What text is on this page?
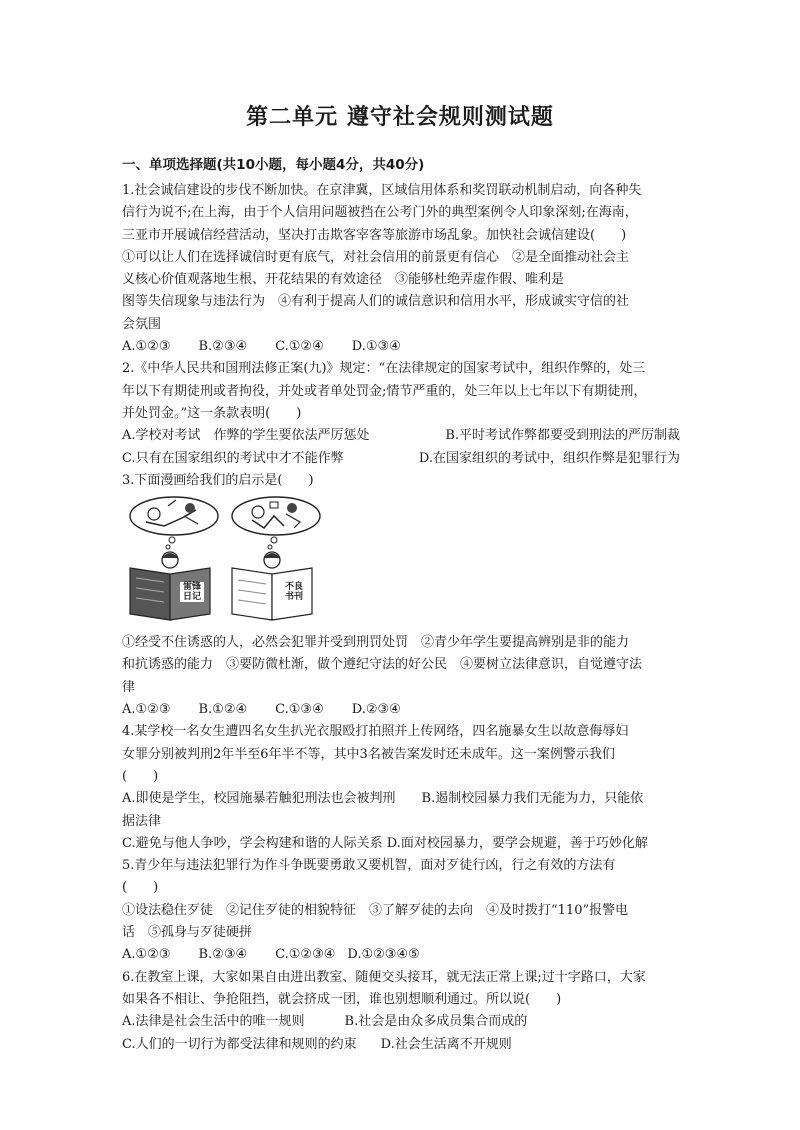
第二单元 遵守社会规则测试题
一、单项选择题(共10小题，每小题4分，共40分)

1.社会诚信建设的步伐不断加快。在京津冀，区域信用体系和奖罚联动机制启动，向各种失

信行为说不;在上海，由于个人信用问题被挡在公考门外的典型案例令人印象深刻;在海南，

三亚市开展诚信经营活动，坚决打击欺客宰客等旅游市场乱象。加快社会诚信建设(　　)

①可以让人们在选择诚信时更有底气，对社会信用的前景更有信心　②是全面推动社会主

义核心价值观落地生根、开花结果的有效途径　③能够杜绝弄虚作假、唯利是

图等失信现象与违法行为　④有利于提高人们的诚信意识和信用水平，形成诚实守信的社

会氛围

A.①②③ B.②③④ C.①②④ D.①③④

2.《中华人民共和国刑法修正案(九)》规定：“在法律规定的国家考试中，组织作弊的，处三

年以下有期徒刑或者拘役，并处或者单处罚金;情节严重的，处三年以上七年以下有期徒刑，

并处罚金。”这一条款表明(　　)

A.学校对考试　作弊的学生要依法严厉惩处	B.平时考试作弊都要受到刑法的严厉制裁
C.只有在国家组织的考试中才不能作弊	D.在国家组织的考试中，组织作弊是犯罪行为

3.下面漫画给我们的启示是(　　)

雷锋日记
不良书刊

①经受不住诱惑的人，必然会犯罪并受到刑罚处罚　②青少年学生要提高辨别是非的能力

和抗诱惑的能力　③要防微杜渐，做个遵纪守法的好公民　④要树立法律意识，自觉遵守法

律

A.①②③ B.①②④ C.①③④ D.②③④

4.某学校一名女生遭四名女生扒光衣服殴打拍照并上传网络，四名施暴女生以故意侮辱妇

女罪分别被判刑2年半至6年半不等，其中3名被告案发时还未成年。这一案例警示我们

(　　)

A.即使是学生，校园施暴若触犯刑法也会被判刑　　B.遏制校园暴力我们无能为力，只能依

据法律

C.避免与他人争吵，学会构建和谐的人际关系 D.面对校园暴力，要学会规避，善于巧妙化解

5.青少年与违法犯罪行为作斗争既要勇敢又要机智，面对歹徒行凶，行之有效的方法有

(　　)

①设法稳住歹徒　②记住歹徒的相貌特征　③了解歹徒的去向　④及时拨打“110”报警电

话　⑤孤身与歹徒硬拼

A.①②③ B.②③④ C.①②③④ D.①②③④⑤

6.在教室上课，大家如果自由进出教室、随便交头接耳，就无法正常上课;过十字路口，大家

如果各不相让、争抢阻挡，就会挤成一团，谁也别想顺利通过。所以说(　　)

A.法律是社会生活中的唯一规则	B.社会是由众多成员集合而成的
C.人们的一切行为都受法律和规则的约束 D.社会生活离不开规则
